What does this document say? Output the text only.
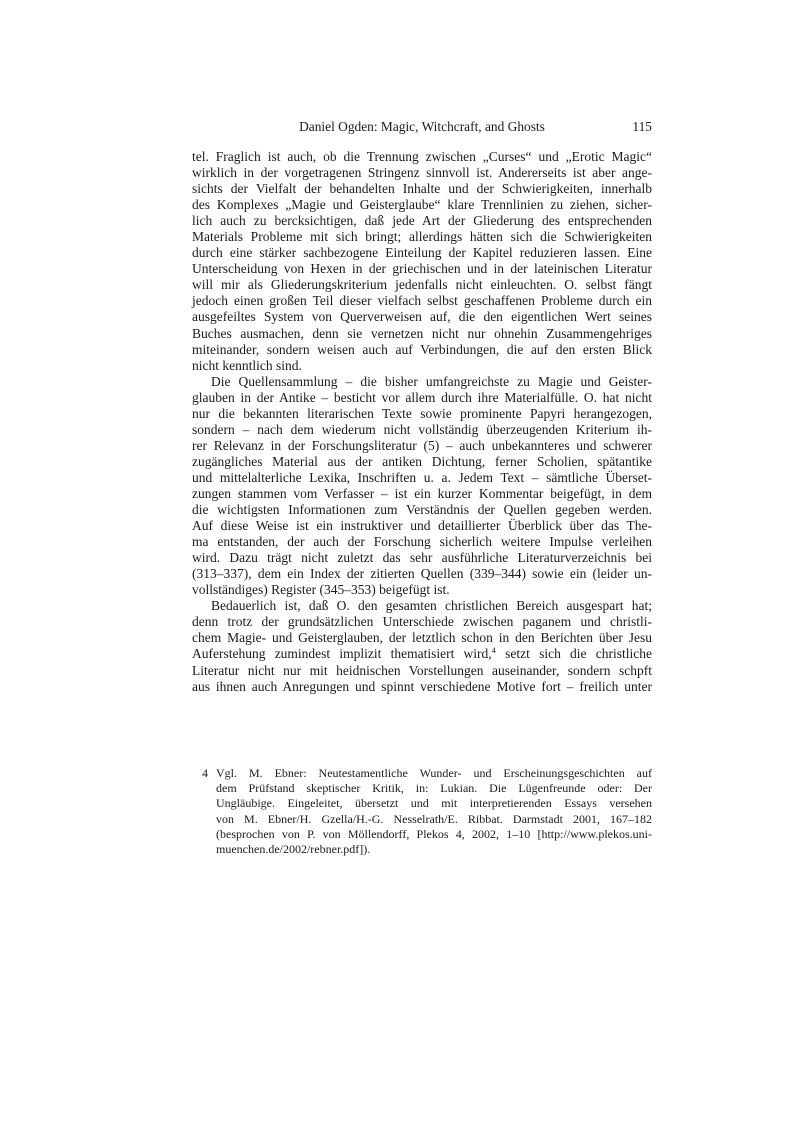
Daniel Ogden: Magic, Witchcraft, and Ghosts	115
tel. Fraglich ist auch, ob die Trennung zwischen „Curses“ und „Erotic Magic“
wirklich in der vorgetragenen Stringenz sinnvoll ist. Andererseits ist aber ange-
sichts der Vielfalt der behandelten Inhalte und der Schwierigkeiten, innerhalb
des Komplexes „Magie und Geisterglaube“ klare Trennlinien zu ziehen, sicher-
lich auch zu bercksichtigen, daß jede Art der Gliederung des entsprechenden
Materials Probleme mit sich bringt; allerdings hätten sich die Schwierigkeiten
durch eine stärker sachbezogene Einteilung der Kapitel reduzieren lassen. Eine
Unterscheidung von Hexen in der griechischen und in der lateinischen Literatur
will mir als Gliederungskriterium jedenfalls nicht einleuchten. O. selbst fängt
jedoch einen großen Teil dieser vielfach selbst geschaffenen Probleme durch ein
ausgefeiltes System von Querverweisen auf, die den eigentlichen Wert seines
Buches ausmachen, denn sie vernetzen nicht nur ohnehin Zusammengehriges
miteinander, sondern weisen auch auf Verbindungen, die auf den ersten Blick
nicht kenntlich sind.
Die Quellensammlung – die bisher umfangreichste zu Magie und Geister-
glauben in der Antike – besticht vor allem durch ihre Materialfülle. O. hat nicht
nur die bekannten literarischen Texte sowie prominente Papyri herangezogen,
sondern – nach dem wiederum nicht vollständig überzeugenden Kriterium ih-
rer Relevanz in der Forschungsliteratur (5) – auch unbekannteres und schwerer
zugängliches Material aus der antiken Dichtung, ferner Scholien, spätantike
und mittelalterliche Lexika, Inschriften u. a. Jedem Text – sämtliche Überset-
zungen stammen vom Verfasser – ist ein kurzer Kommentar beigefügt, in dem
die wichtigsten Informationen zum Verständnis der Quellen gegeben werden.
Auf diese Weise ist ein instruktiver und detaillierter Überblick über das The-
ma entstanden, der auch der Forschung sicherlich weitere Impulse verleihen
wird. Dazu trägt nicht zuletzt das sehr ausführliche Literaturverzeichnis bei
(313–337), dem ein Index der zitierten Quellen (339–344) sowie ein (leider un-
vollständiges) Register (345–353) beigefügt ist.
Bedauerlich ist, daß O. den gesamten christlichen Bereich ausgespart hat;
denn trotz der grundsätzlichen Unterschiede zwischen paganem und christli-
chem Magie- und Geisterglauben, der letztlich schon in den Berichten über Jesu
Auferstehung zumindest implizit thematisiert wird,$^4$ setzt sich die christliche
Literatur nicht nur mit heidnischen Vorstellungen auseinander, sondern schpft
aus ihnen auch Anregungen und spinnt verschiedene Motive fort – freilich unter
4 Vgl. M. Ebner: Neutestamentliche Wunder- und Erscheinungsgeschichten auf
dem Prüfstand skeptischer Kritik, in: Lukian. Die Lügenfreunde oder: Der
Ungläubige. Eingeleitet, übersetzt und mit interpretierenden Essays versehen
von M. Ebner/H. Gzella/H.-G. Nesselrath/E. Ribbat. Darmstadt 2001, 167–182
(besprochen von P. von Möllendorff, Plekos 4, 2002, 1–10 [http://www.plekos.uni-
muenchen.de/2002/rebner.pdf]).
